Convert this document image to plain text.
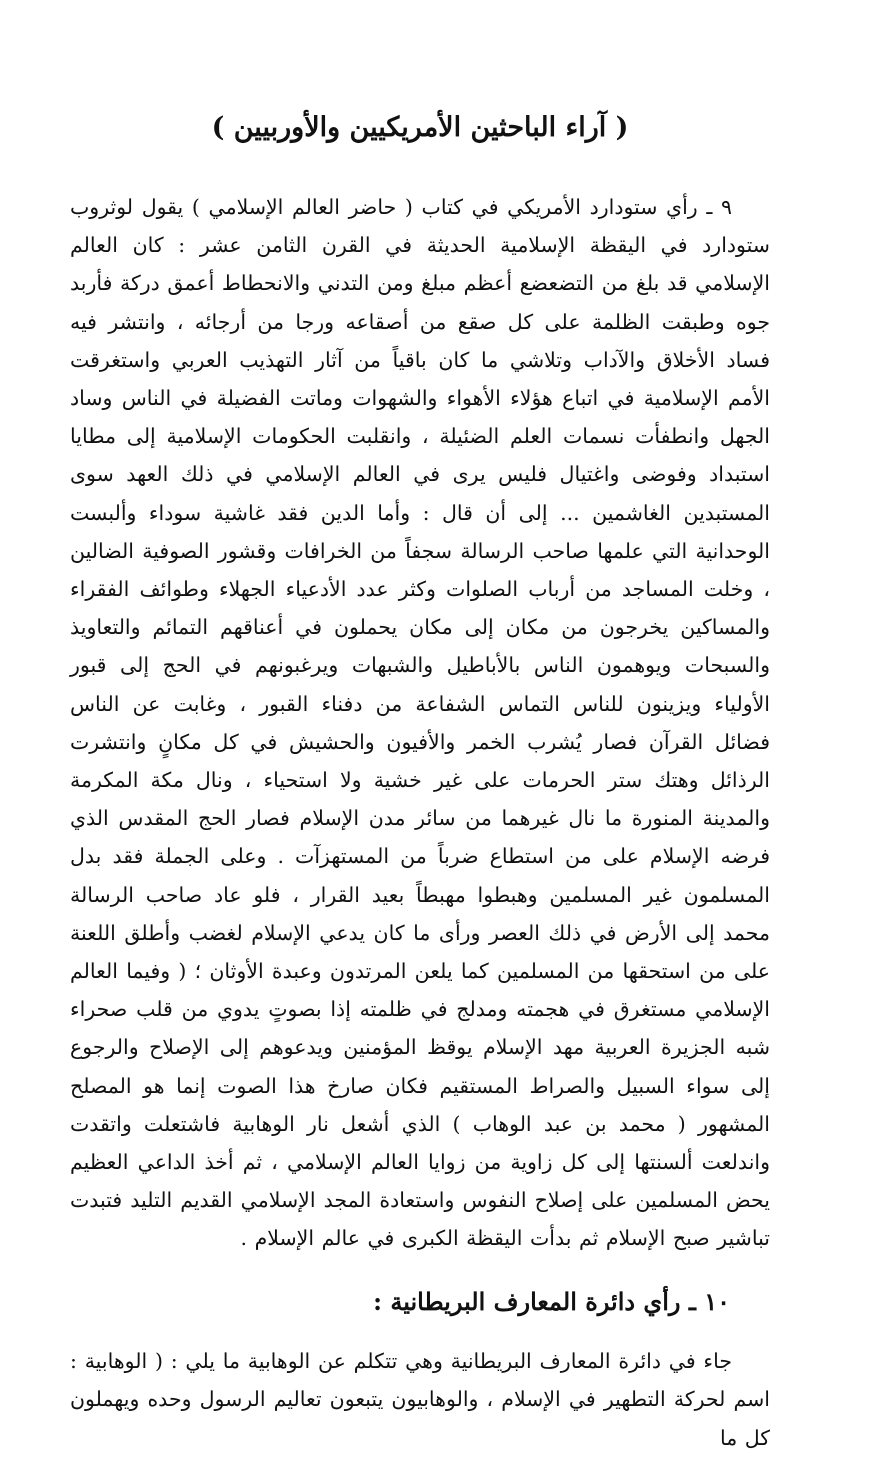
( آراء الباحثين الأمريكيين والأوربيين )

٩ ـ رأي ستودارد الأمريكي في كتاب ( حاضر العالم الإسلامي ) يقول لوثروب ستودارد في اليقظة الإسلامية الحديثة في القرن الثامن عشر : كان العالم الإسلامي قد بلغ من التضعضع أعظم مبلغ ومن التدني والانحطاط أعمق دركة فأربد جوه وطبقت الظلمة على كل صقع من أصقاعه ورجا من أرجائه ، وانتشر فيه فساد الأخلاق والآداب وتلاشي ما كان باقياً من آثار التهذيب العربي واستغرقت الأمم الإسلامية في اتباع هؤلاء الأهواء والشهوات وماتت الفضيلة في الناس وساد الجهل وانطفأت نسمات العلم الضئيلة ، وانقلبت الحكومات الإسلامية إلى مطايا استبداد وفوضى واغتيال فليس يرى في العالم الإسلامي في ذلك العهد سوى المستبدين الغاشمين ... إلى أن قال : وأما الدين فقد غاشية سوداء وألبست الوحدانية التي علمها صاحب الرسالة سجفاً من الخرافات وقشور الصوفية الضالين ، وخلت المساجد من أرباب الصلوات وكثر عدد الأدعياء الجهلاء وطوائف الفقراء والمساكين يخرجون من مكان إلى مكان يحملون في أعناقهم التمائم والتعاويذ والسبحات ويوهمون الناس بالأباطيل والشبهات ويرغبونهم في الحج إلى قبور الأولياء ويزينون للناس التماس الشفاعة من دفناء القبور ، وغابت عن الناس فضائل القرآن فصار يُشرب الخمر والأفيون والحشيش في كل مكانٍ وانتشرت الرذائل وهتك ستر الحرمات على غير خشية ولا استحياء ، ونال مكة المكرمة والمدينة المنورة ما نال غيرهما من سائر مدن الإسلام فصار الحج المقدس الذي فرضه الإسلام على من استطاع ضرباً من المستهزآت . وعلى الجملة فقد بدل المسلمون غير المسلمين وهبطوا مهبطاً بعيد القرار ، فلو عاد صاحب الرسالة محمد إلى الأرض في ذلك العصر ورأى ما كان يدعي الإسلام لغضب وأطلق اللعنة على من استحقها من المسلمين كما يلعن المرتدون وعبدة الأوثان ؛ ( وفيما العالم الإسلامي مستغرق في هجمته ومدلج في ظلمته إذا بصوتٍ يدوي من قلب صحراء شبه الجزيرة العربية مهد الإسلام يوقظ المؤمنين ويدعوهم إلى الإصلاح والرجوع إلى سواء السبيل والصراط المستقيم فكان صارخ هذا الصوت إنما هو المصلح المشهور ( محمد بن عبد الوهاب ) الذي أشعل نار الوهابية فاشتعلت واتقدت واندلعت ألسنتها إلى كل زاوية من زوايا العالم الإسلامي ، ثم أخذ الداعي العظيم يحض المسلمين على إصلاح النفوس واستعادة المجد الإسلامي القديم التليد فتبدت تباشير صبح الإسلام ثم بدأت اليقظة الكبرى في عالم الإسلام .

١٠ ـ رأي دائرة المعارف البريطانية :

جاء في دائرة المعارف البريطانية وهي تتكلم عن الوهابية ما يلي : ( الوهابية : اسم لحركة التطهير في الإسلام ، والوهابيون يتبعون تعاليم الرسول وحده ويهملون كل ما
